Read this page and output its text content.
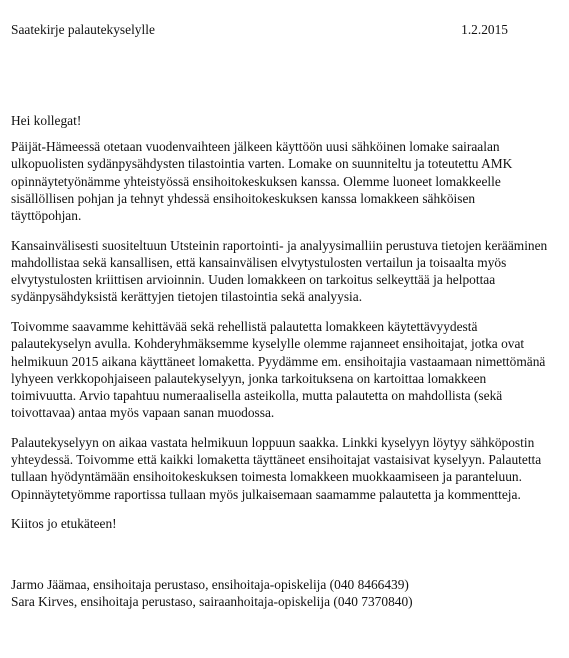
Saatekirje palautekyselylle	1.2.2015
Hei kollegat!
Päijät-Hämeessä otetaan vuodenvaihteen jälkeen käyttöön uusi sähköinen lomake sairaalan
ulkopuolisten sydänpysähdysten tilastointia varten. Lomake on suunniteltu ja toteutettu AMK
opinnäytetyönämme yhteistyössä ensihoitokeskuksen kanssa. Olemme luoneet lomakkeelle
sisällöllisen pohjan ja tehnyt yhdessä ensihoitokeskuksen kanssa lomakkeen sähköisen
täyttöpohjan.
Kansainvälisesti suositeltuun Utsteinin raportointi- ja analyysimalliin perustuva tietojen kerääminen
mahdollistaa sekä kansallisen, että kansainvälisen elvytystulosten vertailun ja toisaalta myös
elvytystulosten kriittisen arvioinnin. Uuden lomakkeen on tarkoitus selkeyttää ja helpottaa
sydänpysähdyksistä kerättyjen tietojen tilastointia sekä analyysia.
Toivomme saavamme kehittävää sekä rehellistä palautetta lomakkeen käytettävyydestä
palautekyselyn avulla. Kohderyhmäksemme kyselylle olemme rajanneet ensihoitajat, jotka ovat
helmikuun 2015 aikana käyttäneet lomaketta. Pyydämme em. ensihoitajia vastaamaan nimettömänä
lyhyeen verkkopohjaiseen palautekyselyyn, jonka tarkoituksena on kartoittaa lomakkeen
toimivuutta. Arvio tapahtuu numeraalisella asteikolla, mutta palautetta on mahdollista (sekä
toivottavaa) antaa myös vapaan sanan muodossa.
Palautekyselyyn on aikaa vastata helmikuun loppuun saakka. Linkki kyselyyn löytyy sähköpostin
yhteydessä. Toivomme että kaikki lomaketta täyttäneet ensihoitajat vastaisivat kyselyyn. Palautetta
tullaan hyödyntämään ensihoitokeskuksen toimesta lomakkeen muokkaamiseen ja paranteluun.
Opinnäytetyömme raportissa tullaan myös julkaisemaan saamamme palautetta ja kommentteja.
Kiitos jo etukäteen!
Jarmo Jäämaa, ensihoitaja perustaso, ensihoitaja-opiskelija (040 8466439)
Sara Kirves, ensihoitaja perustaso, sairaanhoitaja-opiskelija (040 7370840)
